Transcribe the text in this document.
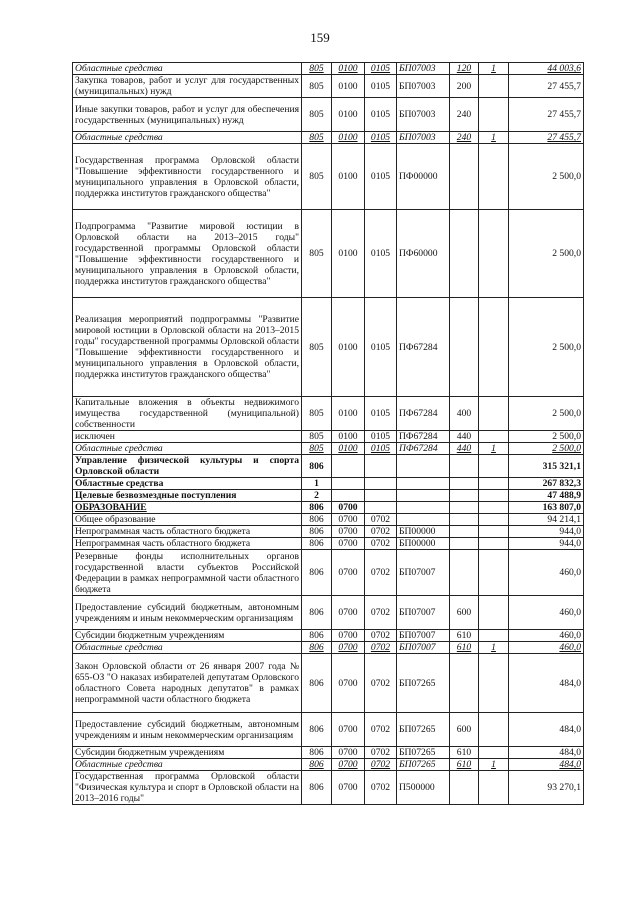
159
Областные средства	805	0100	0105	БП07003	120	1	44 003,6
Закупка товаров, работ и услуг для государственных (муниципальных) нужд	805	0100	0105	БП07003	200		27 455,7
Иные закупки товаров, работ и услуг для обеспечения государственных (муниципальных) нужд	805	0100	0105	БП07003	240		27 455,7
Областные средства	805	0100	0105	БП07003	240	1	27 455,7
Государственная программа Орловской области "Повышение эффективности государственного и муниципального управления в Орловской области, поддержка институтов гражданского общества"	805	0100	0105	ПФ00000			2 500,0
Подпрограмма "Развитие мировой юстиции в Орловской области на 2013–2015 годы" государственной программы Орловской области "Повышение эффективности государственного и муниципального управления в Орловской области, поддержка институтов гражданского общества"	805	0100	0105	ПФ60000			2 500,0
Реализация мероприятий подпрограммы "Развитие мировой юстиции в Орловской области на 2013–2015 годы" государственной программы Орловской области "Повышение эффективности государственного и муниципального управления в Орловской области, поддержка институтов гражданского общества"	805	0100	0105	ПФ67284			2 500,0
Капитальные вложения в объекты недвижимого имущества государственной (муниципальной) собственности	805	0100	0105	ПФ67284	400		2 500,0
исключен	805	0100	0105	ПФ67284	440		2 500,0
Областные средства	805	0100	0105	ПФ67284	440	1	2 500,0
Управление физической культуры и спорта Орловской области	806						315 321,1
Областные средства	1						267 832,3
Целевые безвозмездные поступления	2						47 488,9
ОБРАЗОВАНИЕ	806	0700					163 807,0
Общее образование	806	0700	0702				94 214,1
Непрограммная часть областного бюджета	806	0700	0702	БП00000			944,0
Непрограммная часть областного бюджета	806	0700	0702	БП00000			944,0
Резервные фонды исполнительных органов государственной власти субъектов Российской Федерации в рамках непрограммной части областного бюджета	806	0700	0702	БП07007			460,0
Предоставление субсидий бюджетным, автономным учреждениям и иным некоммерческим организациям	806	0700	0702	БП07007	600		460,0
Субсидии бюджетным учреждениям	806	0700	0702	БП07007	610		460,0
Областные средства	806	0700	0702	БП07007	610	1	460,0
Закон Орловской области от 26 января 2007 года № 655-ОЗ "О наказах избирателей депутатам Орловского областного Совета народных депутатов" в рамках непрограммной части областного бюджета	806	0700	0702	БП07265			484,0
Предоставление субсидий бюджетным, автономным учреждениям и иным некоммерческим организациям	806	0700	0702	БП07265	600		484,0
Субсидии бюджетным учреждениям	806	0700	0702	БП07265	610		484,0
Областные средства	806	0700	0702	БП07265	610	1	484,0
Государственная программа Орловской области "Физическая культура и спорт в Орловской области на 2013–2016 годы"	806	0700	0702	П500000			93 270,1
